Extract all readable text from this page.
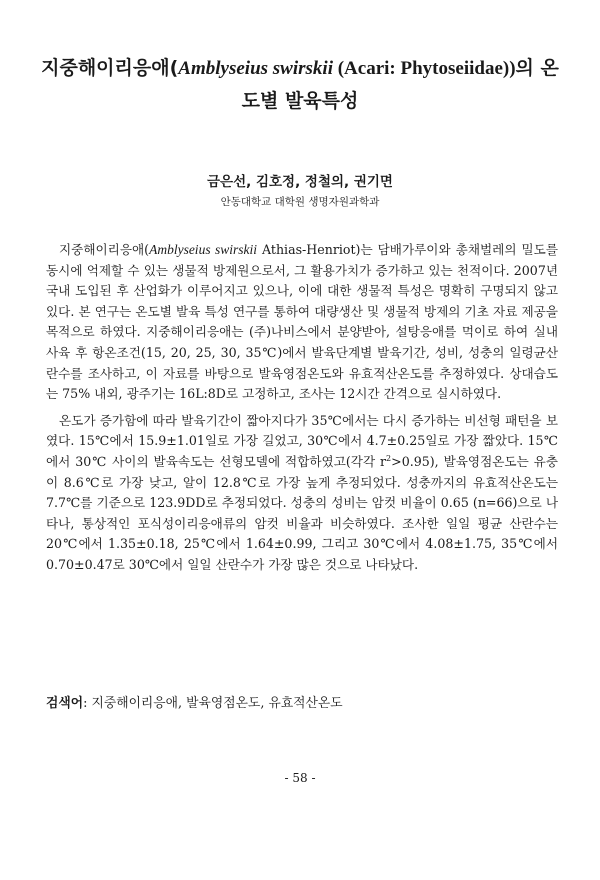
지중해이리응애(Amblyseius swirskii (Acari: Phytoseiidae))의 온
도별 발육특성

금은선, 김호정, 정철의, 권기면

안동대학교 대학원 생명자원과학과

지중해이리응애(Amblyseius swirskii Athias-Henriot)는 담배가루이와 총채벌레의 밀도를 동시에 억제할 수 있는 생물적 방제원으로서, 그 활용가치가 증가하고 있는 천적이다. 2007년 국내 도입된 후 산업화가 이루어지고 있으나, 이에 대한 생물적 특성은 명확히 구명되지 않고 있다. 본 연구는 온도별 발육 특성 연구를 통하여 대량생산 및 생물적 방제의 기초 자료 제공을 목적으로 하였다. 지중해이리응애는 (주)나비스에서 분양받아, 설탕응애를 먹이로 하여 실내 사육 후 항온조건(15, 20, 25, 30, 35℃)에서 발육단계별 발육기간, 성비, 성충의 일령균산란수를 조사하고, 이 자료를 바탕으로 발육영점온도와 유효적산온도를 추정하였다. 상대습도는 75% 내외, 광주기는 16L:8D로 고정하고, 조사는 12시간 간격으로 실시하였다.

온도가 증가함에 따라 발육기간이 짧아지다가 35℃에서는 다시 증가하는 비선형 패턴을 보였다. 15℃에서 15.9±1.01일로 가장 길었고, 30℃에서 4.7±0.25일로 가장 짧았다. 15℃에서 30℃ 사이의 발육속도는 선형모델에 적합하였고(각각 $r^2>0.95$), 발육영점온도는 유충이 8.6℃로 가장 낮고, 알이 12.8℃로 가장 높게 추정되었다. 성충까지의 유효적산온도는 7.7℃를 기준으로 123.9DD로 추정되었다. 성충의 성비는 암컷 비율이 0.65 (n=66)으로 나타나, 통상적인 포식성이리응애류의 암컷 비율과 비슷하였다. 조사한 일일 평균 산란수는 20℃에서 1.35±0.18, 25℃에서 1.64±0.99, 그리고 30℃에서 4.08±1.75, 35℃에서 0.70±0.47로 30℃에서 일일 산란수가 가장 많은 것으로 나타났다.

검색어: 지중해이리응애, 발육영점온도, 유효적산온도

- 58 -
